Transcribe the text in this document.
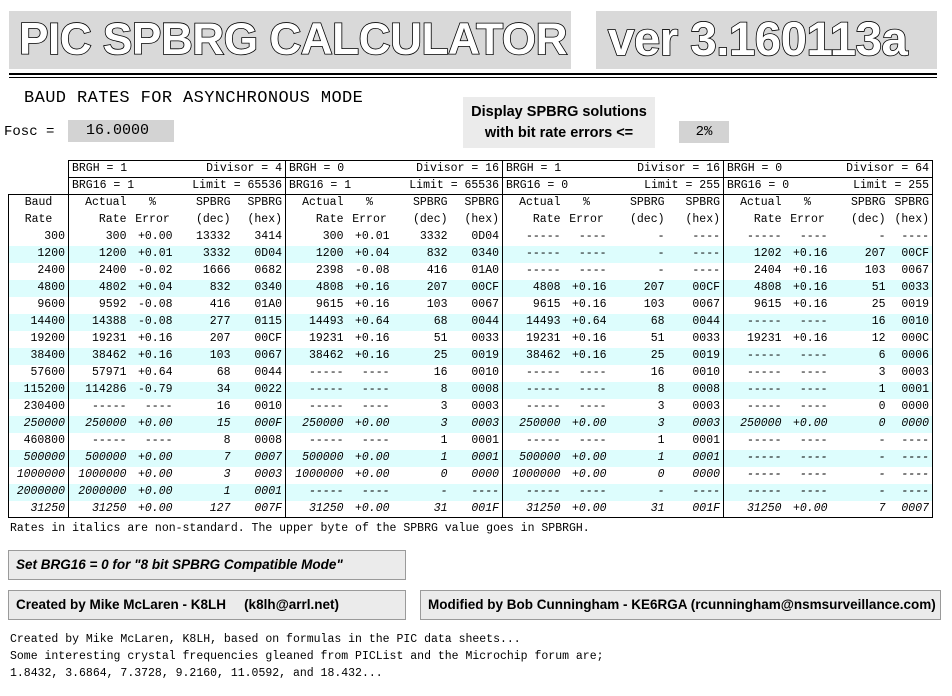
PIC SPBRG CALCULATOR ver 3.160113a
BAUD RATES FOR ASYNCHRONOUS MODE
Fosc =	16.0000
Display SPBRG solutions
with bit rate errors <=	2%

	BRGH = 1 Divisor = 4				BRGH = 0 Divisor = 16				BRGH = 1 Divisor = 16				BRGH = 0 Divisor = 64			

	BRG16 = 1 Limit = 65536				BRG16 = 1 Limit = 65536				BRG16 = 0 Limit = 255				BRG16 = 0 Limit = 255			

Baud	Actual	%	SPBRG	SPBRG	Actual	%	SPBRG	SPBRG	Actual	%	SPBRG	SPBRG	Actual	%	SPBRG	SPBRG
Rate	Rate	Error	(dec)	(hex)	Rate	Error	(dec)	(hex)	Rate	Error	(dec)	(hex)	Rate	Error	(dec)	(hex)
300	300	+0.00	13332	3414	300	+0.01	3332	0D04	-----	----	-	----	-----	----	-	----
1200	1200	+0.01	3332	0D04	1200	+0.04	832	0340	-----	----	-	----	1202	+0.16	207	00CF
2400	2400	-0.02	1666	0682	2398	-0.08	416	01A0	-----	----	-	----	2404	+0.16	103	0067
4800	4802	+0.04	832	0340	4808	+0.16	207	00CF	4808	+0.16	207	00CF	4808	+0.16	51	0033
9600	9592	-0.08	416	01A0	9615	+0.16	103	0067	9615	+0.16	103	0067	9615	+0.16	25	0019
14400	14388	-0.08	277	0115	14493	+0.64	68	0044	14493	+0.64	68	0044	-----	----	16	0010
19200	19231	+0.16	207	00CF	19231	+0.16	51	0033	19231	+0.16	51	0033	19231	+0.16	12	000C
38400	38462	+0.16	103	0067	38462	+0.16	25	0019	38462	+0.16	25	0019	-----	----	6	0006
57600	57971	+0.64	68	0044	-----	----	16	0010	-----	----	16	0010	-----	----	3	0003
115200	114286	-0.79	34	0022	-----	----	8	0008	-----	----	8	0008	-----	----	1	0001
230400	-----	----	16	0010	-----	----	3	0003	-----	----	3	0003	-----	----	0	0000
250000	250000	+0.00	15	000F	250000	+0.00	3	0003	250000	+0.00	3	0003	250000	+0.00	0	0000
460800	-----	----	8	0008	-----	----	1	0001	-----	----	1	0001	-----	----	-	----
500000	500000	+0.00	7	0007	500000	+0.00	1	0001	500000	+0.00	1	0001	-----	----	-	----
1000000	1000000	+0.00	3	0003	1000000	+0.00	0	0000	1000000	+0.00	0	0000	-----	----	-	----
2000000	2000000	+0.00	1	0001	-----	----	-	----	-----	----	-	----	-----	----	-	----
31250	31250	+0.00	127	007F	31250	+0.00	31	001F	31250	+0.00	31	001F	31250	+0.00	7	0007
Rates in italics are non-standard. The upper byte of the SPBRG value goes in SPBRGH.
Set BRG16 = 0 for "8 bit SPBRG Compatible Mode"
Created by Mike McLaren - K8LH (k8lh@arrl.net)	Modified by Bob Cunningham - KE6RGA (rcunningham@nsmsurveillance.com)
Created by Mike McLaren, K8LH, based on formulas in the PIC data sheets...
Some interesting crystal frequencies gleaned from PICList and the Microchip forum are;
1.8432, 3.6864, 7.3728, 9.2160, 11.0592, and 18.432...
